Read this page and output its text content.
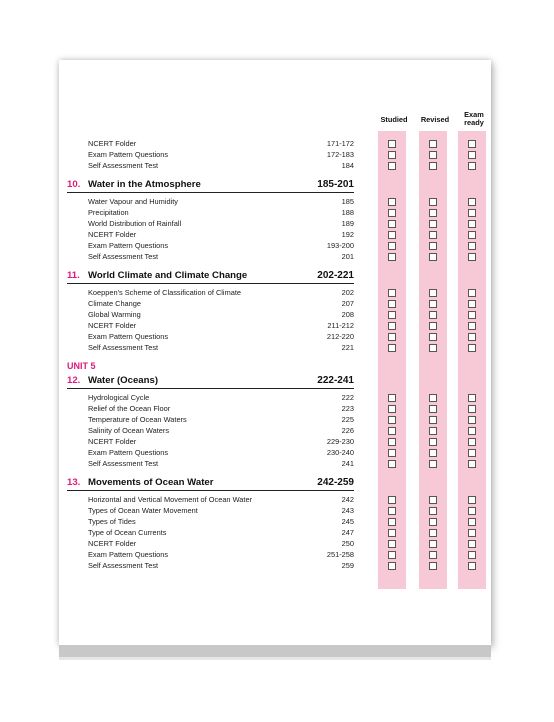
Studied	Revised
Exam
ready
NCERT Folder	171-172
Exam Pattern Questions	172-183
Self Assessment Test	184
10. Water in the Atmosphere	185-201
Water Vapour and Humidity	185
Precipitation	188
World Distribution of Rainfall	189
NCERT Folder	192
Exam Pattern Questions	193-200
Self Assessment Test	201
11. World Climate and Climate Change	202-221
Koeppen's Scheme of Classification of Climate	202
Climate Change	207
Global Warming	208
NCERT Folder	211-212
Exam Pattern Questions	212-220
Self Assessment Test	221
UNIT 5
12. Water (Oceans)	222-241
Hydrological Cycle	222
Relief of the Ocean Floor	223
Temperature of Ocean Waters	225
Salinity of Ocean Waters	226
NCERT Folder	229-230
Exam Pattern Questions	230-240
Self Assessment Test	241
13. Movements of Ocean Water	242-259
Horizontal and Vertical Movement of Ocean Water	242
Types of Ocean Water Movement	243
Types of Tides	245
Type of Ocean Currents	247
NCERT Folder	250
Exam Pattern Questions	251-258
Self Assessment Test	259
